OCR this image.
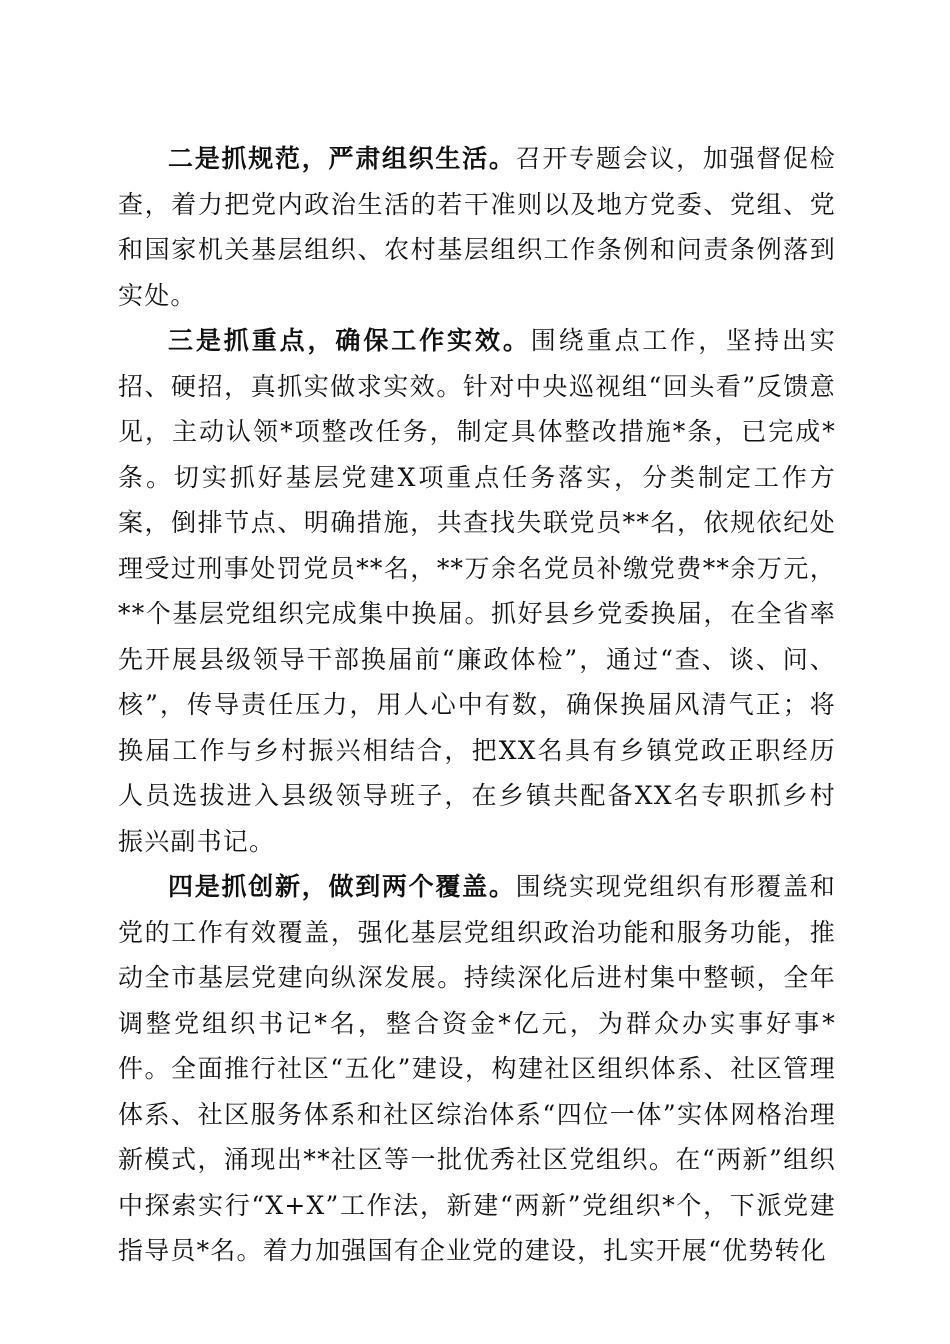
二是抓规范，严肃组织生活。召开专题会议，加强督促检查，着力把党内政治生活的若干准则以及地方党委、党组、党和国家机关基层组织、农村基层组织工作条例和问责条例落到实处。

三是抓重点，确保工作实效。围绕重点工作，坚持出实招、硬招，真抓实做求实效。针对中央巡视组“回头看”反馈意见，主动认领*项整改任务，制定具体整改措施*条，已完成*条。切实抓好基层党建X项重点任务落实，分类制定工作方案，倒排节点、明确措施，共查找失联党员**名，依规依纪处理受过刑事处罚党员**名，**万余名党员补缴党费**余万元，**个基层党组织完成集中换届。抓好县乡党委换届，在全省率先开展县级领导干部换届前“廉政体检”，通过“查、谈、问、核”，传导责任压力，用人心中有数，确保换届风清气正；将换届工作与乡村振兴相结合，把XX名具有乡镇党政正职经历人员选拔进入县级领导班子，在乡镇共配备XX名专职抓乡村振兴副书记。

四是抓创新，做到两个覆盖。围绕实现党组织有形覆盖和党的工作有效覆盖，强化基层党组织政治功能和服务功能，推动全市基层党建向纵深发展。持续深化后进村集中整顿，全年调整党组织书记*名，整合资金*亿元，为群众办实事好事*件。全面推行社区“五化”建设，构建社区组织体系、社区管理体系、社区服务体系和社区综治体系“四位一体”实体网格治理新模式，涌现出**社区等一批优秀社区党组织。在“两新”组织中探索实行“X+X”工作法，新建“两新”党组织*个，下派党建指导员*名。着力加强国有企业党的建设，扎实开展“优势转化
